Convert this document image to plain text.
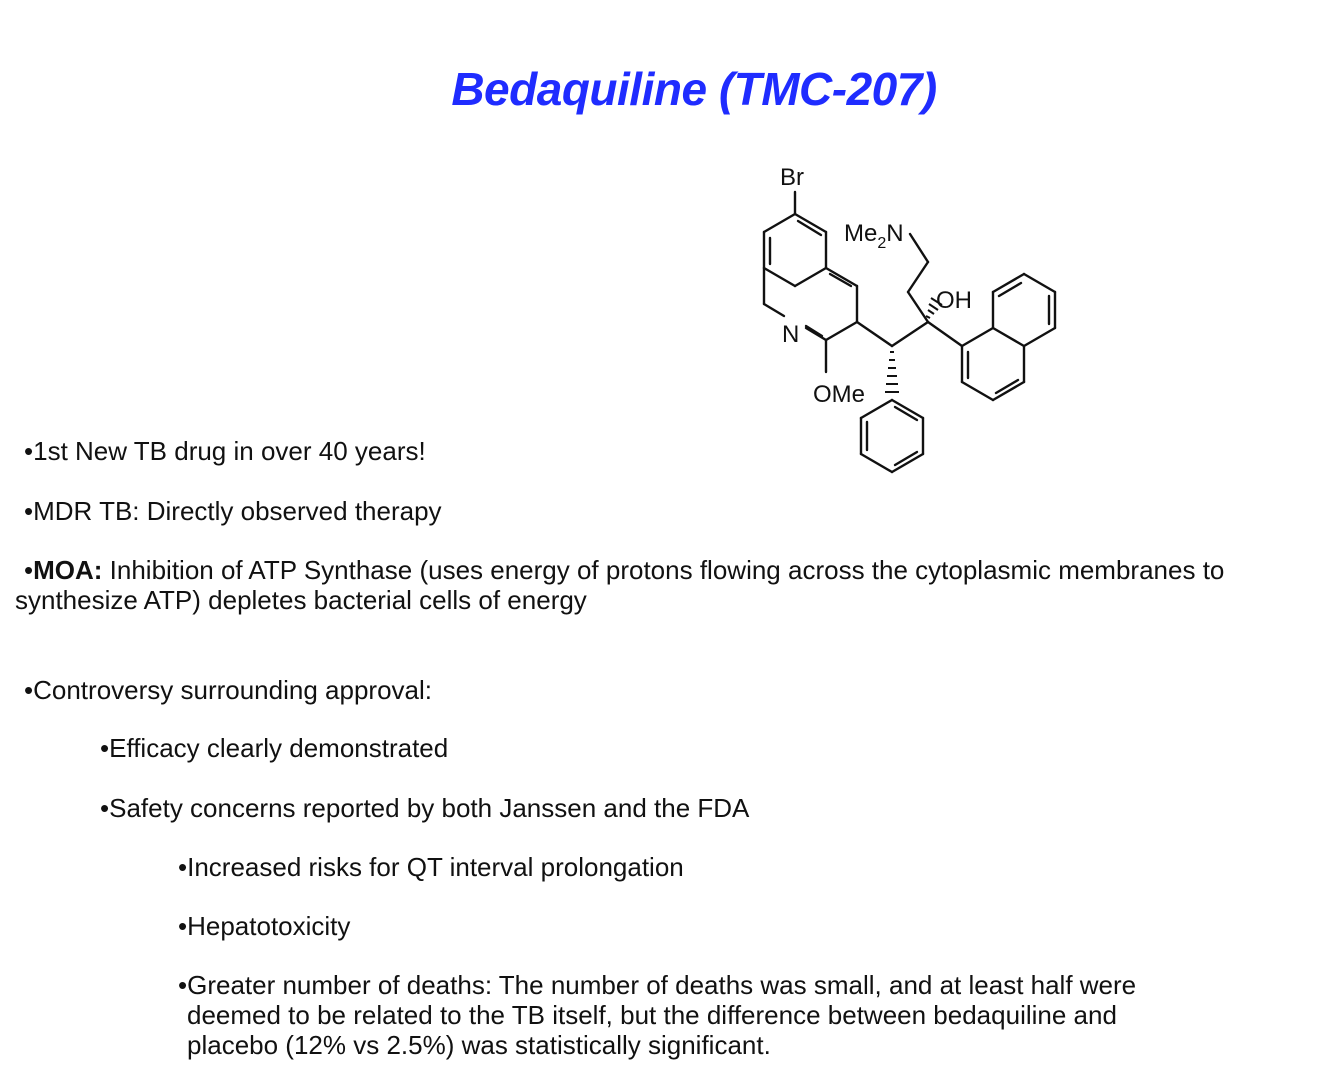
Bedaquiline (TMC-207)
Br
N
OMe
OH
$Me_2N$
•1st New TB drug in over 40 years!
•MDR TB: Directly observed therapy
•MOA: Inhibition of ATP Synthase (uses energy of protons flowing across the cytoplasmic membranes to
synthesize ATP) depletes bacterial cells of energy
•Controversy surrounding approval:
•Efficacy clearly demonstrated
•Safety concerns reported by both Janssen and the FDA
•Increased risks for QT interval prolongation
•Hepatotoxicity
•Greater number of deaths: The number of deaths was small, and at least half were
deemed to be related to the TB itself, but the difference between bedaquiline and
placebo (12% vs 2.5%) was statistically significant.
